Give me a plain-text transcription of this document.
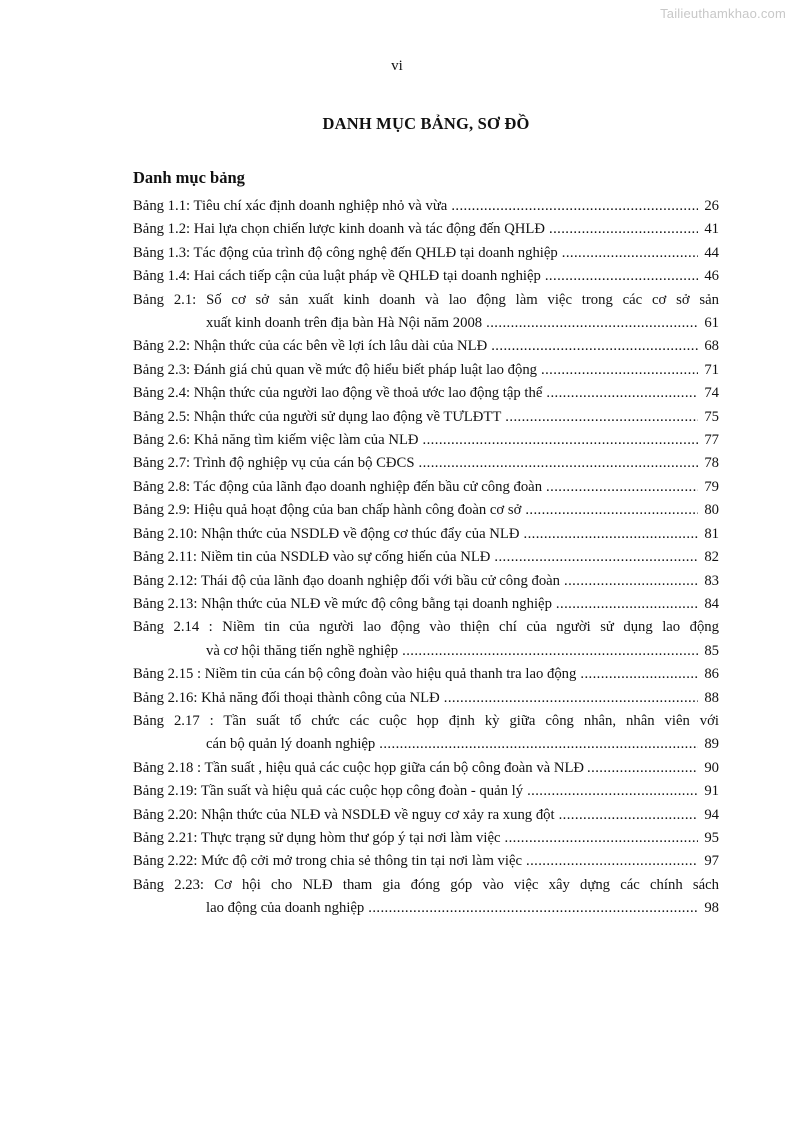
Tailieuthamkhao.com
vi
DANH MỤC BẢNG, SƠ ĐỒ
Danh mục bảng
Bảng 1.1: Tiêu chí xác định doanh nghiệp nhỏ và vừa .....	26
Bảng 1.2: Hai lựa chọn chiến lược kinh doanh và tác động đến QHLĐ .....	41
Bảng 1.3: Tác động của trình độ công nghệ đến QHLĐ tại doanh nghiệp .....	44
Bảng 1.4: Hai cách tiếp cận của luật pháp về QHLĐ tại doanh nghiệp .....	46
Bảng 2.1: Số cơ sở sản xuất kinh doanh và lao động làm việc trong các cơ sở sản
xuất kinh doanh trên địa bàn Hà Nội năm 2008 .....	61
Bảng 2.2: Nhận thức của các bên về lợi ích lâu dài của NLĐ .....	68
Bảng 2.3: Đánh giá chủ quan về mức độ hiểu biết pháp luật lao động .....	71
Bảng 2.4: Nhận thức của người lao động về thoả ước lao động tập thể .....	74
Bảng 2.5: Nhận thức của người sử dụng lao động về TƯLĐTT .....	75
Bảng 2.6: Khả năng tìm kiếm việc làm của NLĐ .....	77
Bảng 2.7: Trình độ nghiệp vụ của cán bộ CĐCS .....	78
Bảng 2.8: Tác động của lãnh đạo doanh nghiệp đến bầu cử công đoàn .....	79
Bảng 2.9: Hiệu quả hoạt động của ban chấp hành công đoàn cơ sở .....	80
Bảng 2.10: Nhận thức của NSDLĐ về động cơ thúc đẩy của NLĐ .....	81
Bảng 2.11: Niềm tin của NSDLĐ vào sự cống hiến của NLĐ .....	82
Bảng 2.12: Thái độ của lãnh đạo doanh nghiệp đối với bầu cử công đoàn .....	83
Bảng 2.13: Nhận thức của NLĐ về mức độ công bằng tại doanh nghiệp .....	84
Bảng 2.14 : Niềm tin của người lao động vào thiện chí của người sử dụng lao động
và cơ hội thăng tiến nghề nghiệp .....	85
Bảng 2.15 : Niềm tin của cán bộ công đoàn vào hiệu quả thanh tra lao động .....	86
Bảng 2.16: Khả năng đối thoại thành công của NLĐ .....	88
Bảng 2.17 : Tần suất tổ chức các cuộc họp định kỳ giữa công nhân, nhân viên với
cán bộ quản lý doanh nghiệp .....	89
Bảng 2.18 : Tần suất , hiệu quả các cuộc họp giữa cán bộ công đoàn và NLĐ .....	90
Bảng 2.19: Tần suất và hiệu quả các cuộc họp công đoàn - quản lý .....	91
Bảng 2.20: Nhận thức của NLĐ và NSDLĐ về nguy cơ xảy ra xung đột .....	94
Bảng 2.21: Thực trạng sử dụng hòm thư góp ý tại nơi làm việc .....	95
Bảng 2.22: Mức độ cởi mở trong chia sẻ thông tin tại nơi làm việc .....	97
Bảng 2.23: Cơ hội cho NLĐ tham gia đóng góp vào việc xây dựng các chính sách
lao động của doanh nghiệp .....	98
